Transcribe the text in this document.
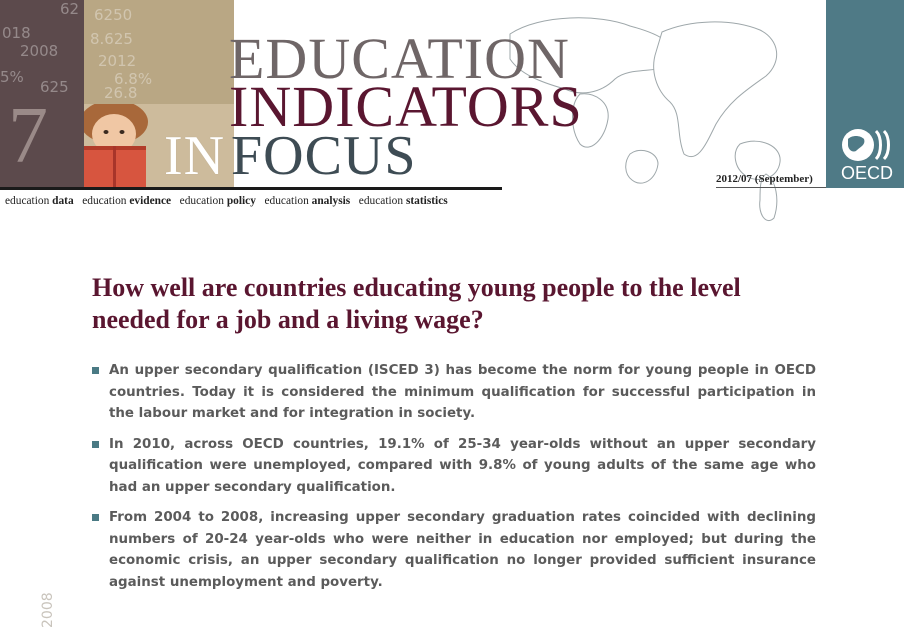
018
2008
5%
625
62
7
6250
8.625
2012
6.8%
26.8
EDUCATION
INDICATORS
IN FOCUS
education data education evidence education policy education analysis education statistics
2012/07 (September) OECD
How well are countries educating young people to the level needed for a job and a living wage?
An upper secondary qualification (ISCED 3) has become the norm for young people in OECD countries. Today it is considered the minimum qualification for successful participation in the labour market and for integration in society.
In 2010, across OECD countries, 19.1% of 25-34 year-olds without an upper secondary qualification were unemployed, compared with 9.8% of young adults of the same age who had an upper secondary qualification.
From 2004 to 2008, increasing upper secondary graduation rates coincided with declining numbers of 20-24 year-olds who were neither in education nor employed; but during the economic crisis, an upper secondary qualification no longer provided sufficient insurance against unemployment and poverty.
2008
